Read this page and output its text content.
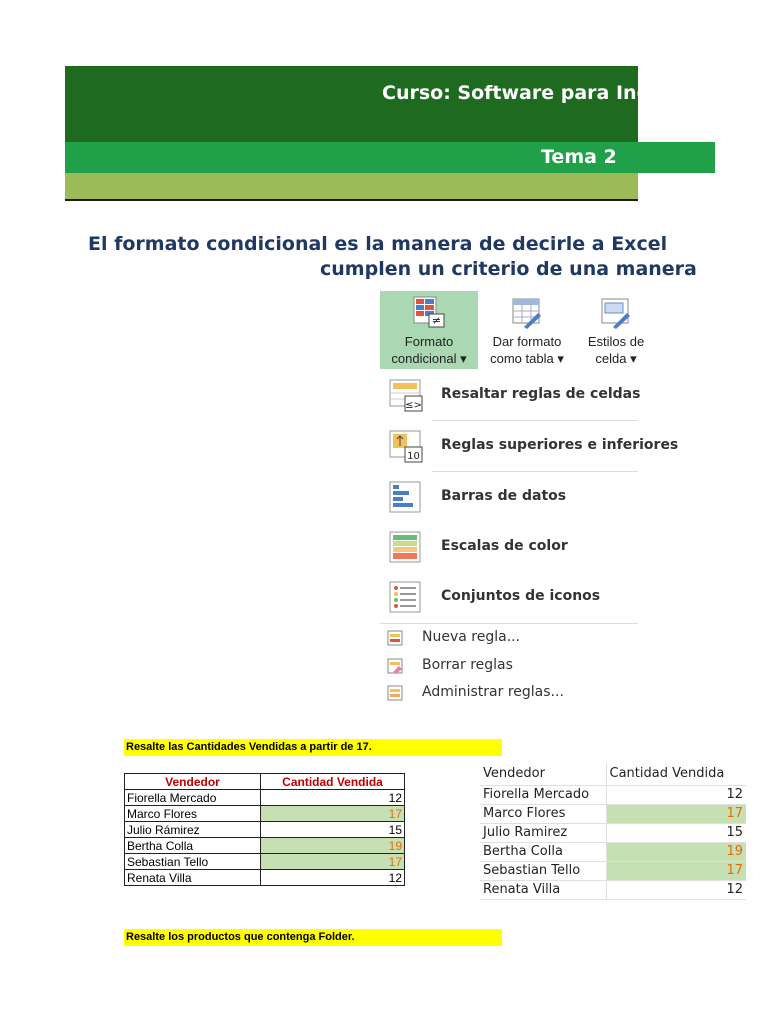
Curso: Software para Ingenieros
Tema 2
El formato condicional es la manera de decirle a Excel
cumplen un criterio de una manera
≠
Formato
condicional ▾
Dar formato
como tabla ▾
Estilos de
celda ▾
≤>
Resaltar reglas de celdas
10
Reglas superiores e inferiores
Barras de datos
Escalas de color
Conjuntos de iconos
Nueva regla...
Borrar reglas
Administrar reglas...
Resalte las Cantidades Vendidas a partir de 17.
Resalte los productos que contenga Folder.
Vendedor	Cantidad Vendida
Fiorella Mercado	12
Marco Flores	17
Julio Rámirez	15
Bertha Colla	19
Sebastian Tello	17
Renata Villa	12
Vendedor	Cantidad Vendida
Fiorella Mercado	12
Marco Flores	17
Julio Ramirez	15
Bertha Colla	19
Sebastian Tello	17
Renata Villa	12
